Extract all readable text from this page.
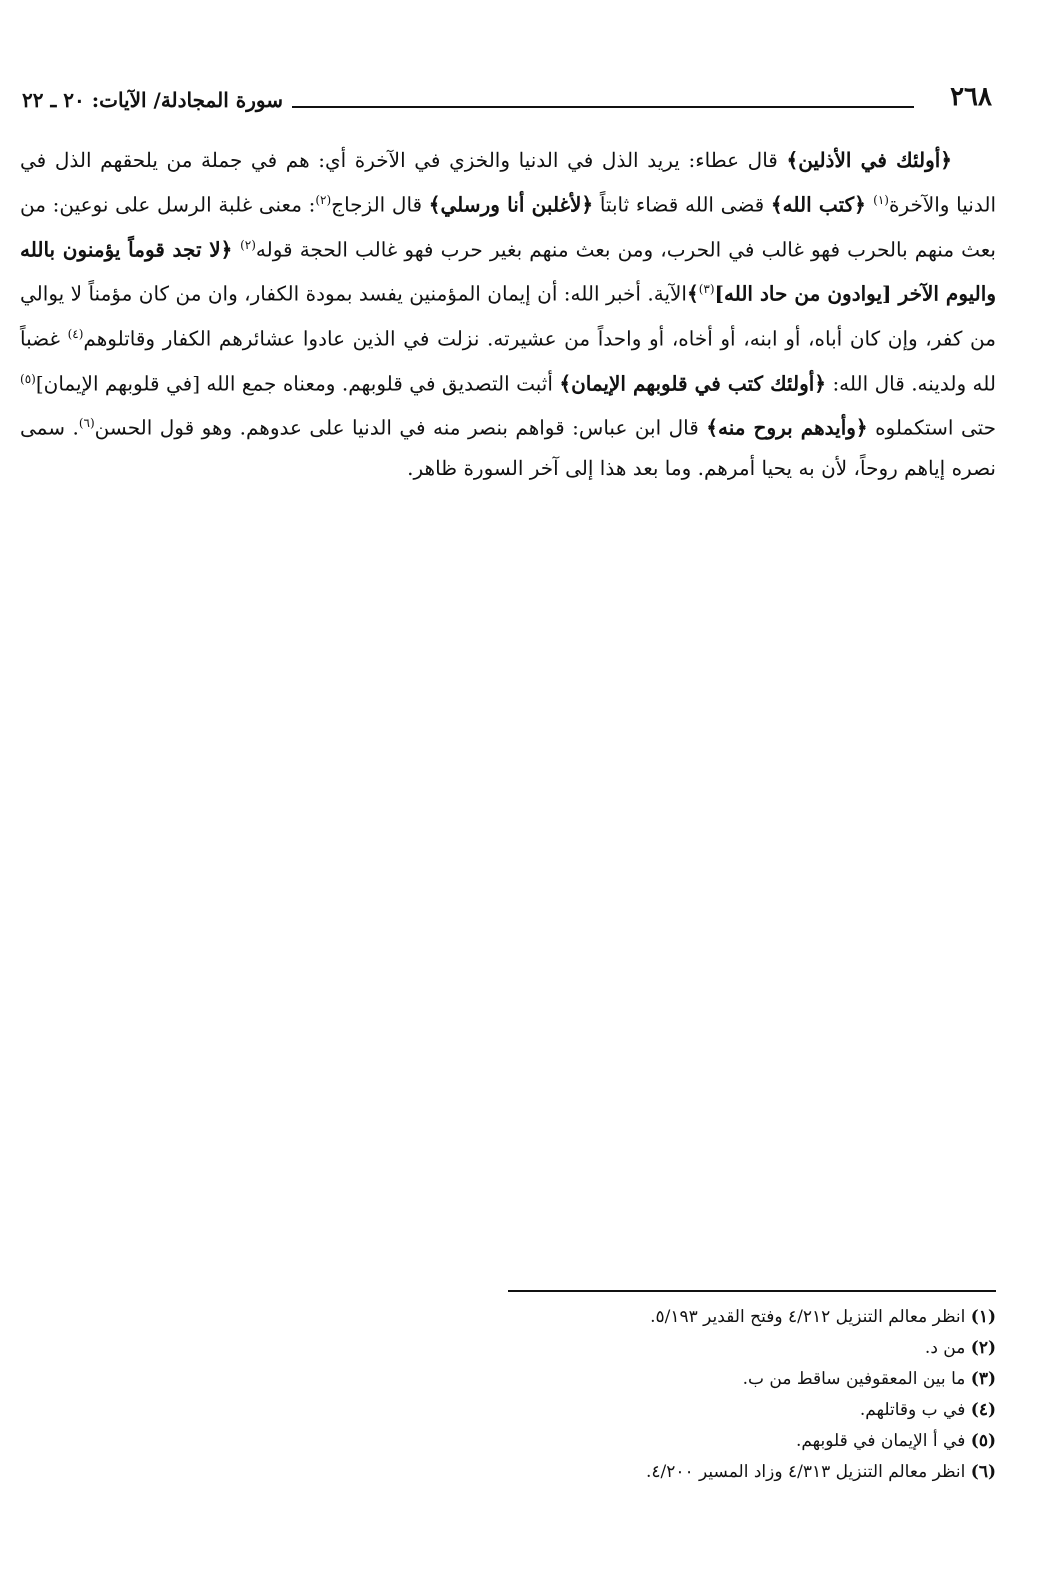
٢٦٨
سورة المجادلة/ الآيات: ٢٠ ـ ٢٢

﴿أولئك في الأذلين﴾ قال عطاء: يريد الذل في الدنيا والخزي في الآخرة أي: هم في جملة من يلحقهم الذل في الدنيا والآخرة$^{(١)}$ ﴿كتب الله﴾ قضى الله قضاء ثابتاً ﴿لأغلبن أنا ورسلي﴾ قال الزجاج$^{(٢)}$: معنى غلبة الرسل على نوعين: من بعث منهم بالحرب فهو غالب في الحرب، ومن بعث منهم بغير حرب فهو غالب الحجة قوله$^{(٢)}$ ﴿لا تجد قوماً يؤمنون بالله واليوم الآخر [يوادون من حاد الله]$^{(٣)}$﴾الآية. أخبر الله: أن إيمان المؤمنين يفسد بمودة الكفار، وان من كان مؤمناً لا يوالي من كفر، وإن كان أباه، أو ابنه، أو أخاه، أو واحداً من عشيرته. نزلت في الذين عادوا عشائرهم الكفار وقاتلوهم$^{(٤)}$ غضباً لله ولدينه. قال الله: ﴿أولئك كتب في قلوبهم الإيمان﴾ أثبت التصديق في قلوبهم. ومعناه جمع الله [في قلوبهم الإيمان]$^{(٥)}$ حتى استكملوه ﴿وأيدهم بروح منه﴾ قال ابن عباس: قواهم بنصر منه في الدنيا على عدوهم. وهو قول الحسن$^{(٦)}$. سمى نصره إياهم روحاً، لأن به يحيا أمرهم. وما بعد هذا إلى آخر السورة ظاهر.

(١) انظر معالم التنزيل ٤/٢١٢ وفتح القدير ٥/١٩٣.
(٢) من د.
(٣) ما بين المعقوفين ساقط من ب.
(٤) في ب وقاتلهم.
(٥) في أ الإيمان في قلوبهم.
(٦) انظر معالم التنزيل ٤/٣١٣ وزاد المسير ٤/٢٠٠.
